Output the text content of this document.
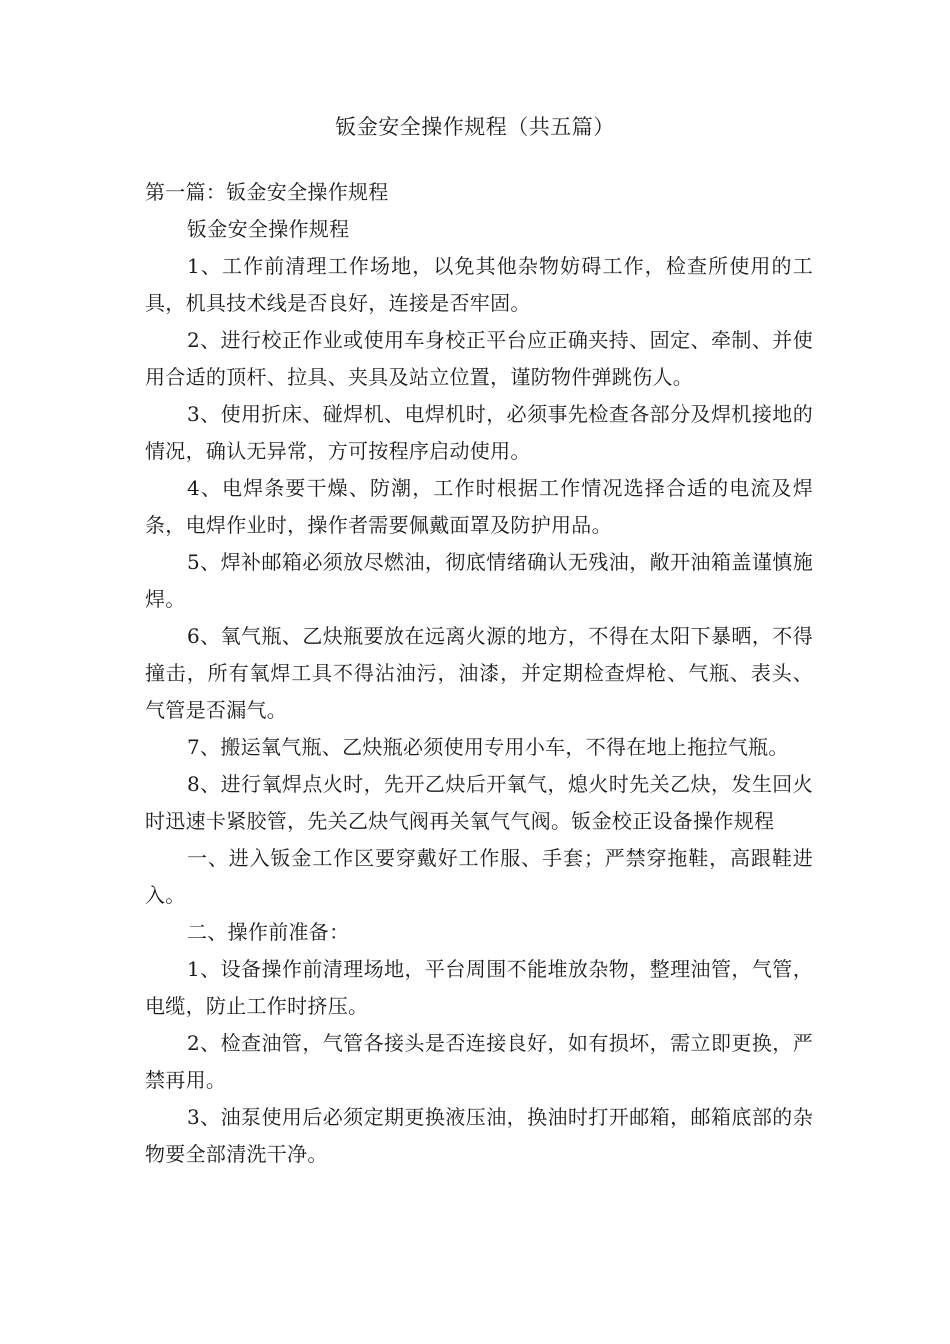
钣金安全操作规程（共五篇）

第一篇：钣金安全操作规程

钣金安全操作规程

1、工作前清理工作场地，以免其他杂物妨碍工作，检查所使用的工具，机具技术线是否良好，连接是否牢固。

2、进行校正作业或使用车身校正平台应正确夹持、固定、牵制、并使用合适的顶杆、拉具、夹具及站立位置，谨防物件弹跳伤人。

3、使用折床、碰焊机、电焊机时，必须事先检查各部分及焊机接地的情况，确认无异常，方可按程序启动使用。

4、电焊条要干燥、防潮，工作时根据工作情况选择合适的电流及焊条，电焊作业时，操作者需要佩戴面罩及防护用品。

5、焊补邮箱必须放尽燃油，彻底情绪确认无残油，敞开油箱盖谨慎施焊。

6、氧气瓶、乙炔瓶要放在远离火源的地方，不得在太阳下暴晒，不得撞击，所有氧焊工具不得沾油污，油漆，并定期检查焊枪、气瓶、表头、气管是否漏气。

7、搬运氧气瓶、乙炔瓶必须使用专用小车，不得在地上拖拉气瓶。

8、进行氧焊点火时，先开乙炔后开氧气，熄火时先关乙炔，发生回火时迅速卡紧胶管，先关乙炔气阀再关氧气气阀。钣金校正设备操作规程

一、进入钣金工作区要穿戴好工作服、手套；严禁穿拖鞋，高跟鞋进入。

二、操作前准备：

1、设备操作前清理场地，平台周围不能堆放杂物，整理油管，气管，电缆，防止工作时挤压。

2、检查油管，气管各接头是否连接良好，如有损坏，需立即更换，严禁再用。

3、油泵使用后必须定期更换液压油，换油时打开邮箱，邮箱底部的杂物要全部清洗干净。
